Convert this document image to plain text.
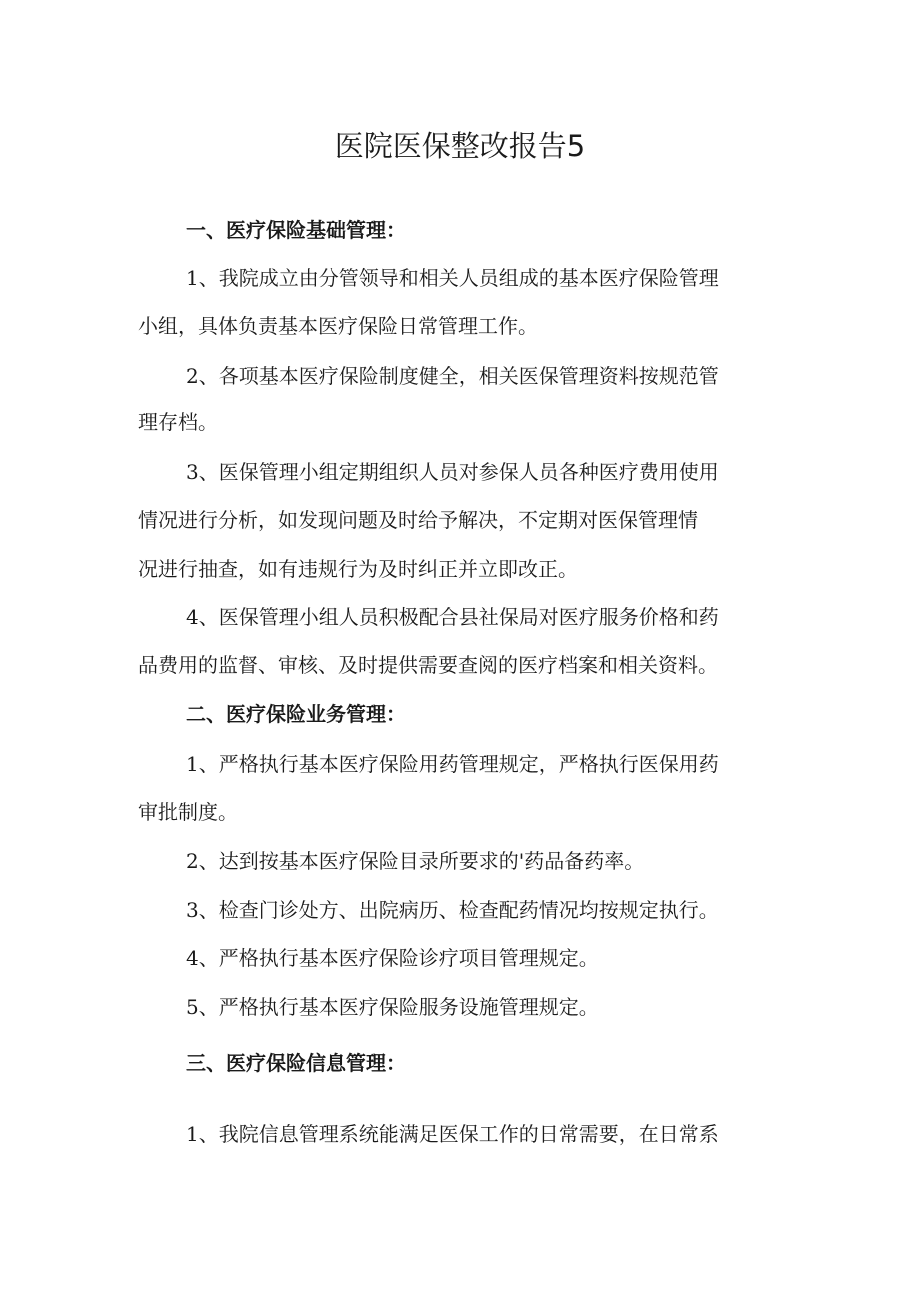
医院医保整改报告5
一、医疗保险基础管理：

1、我院成立由分管领导和相关人员组成的基本医疗保险管理

小组，具体负责基本医疗保险日常管理工作。

2、各项基本医疗保险制度健全，相关医保管理资料按规范管

理存档。

3、医保管理小组定期组织人员对参保人员各种医疗费用使用

情况进行分析，如发现问题及时给予解决，不定期对医保管理情

况进行抽查，如有违规行为及时纠正并立即改正。

4、医保管理小组人员积极配合县社保局对医疗服务价格和药

品费用的监督、审核、及时提供需要查阅的医疗档案和相关资料。

二、医疗保险业务管理：

1、严格执行基本医疗保险用药管理规定，严格执行医保用药

审批制度。

2、达到按基本医疗保险目录所要求的'药品备药率。

3、检查门诊处方、出院病历、检查配药情况均按规定执行。

4、严格执行基本医疗保险诊疗项目管理规定。

5、严格执行基本医疗保险服务设施管理规定。

三、医疗保险信息管理：

1、我院信息管理系统能满足医保工作的日常需要，在日常系
